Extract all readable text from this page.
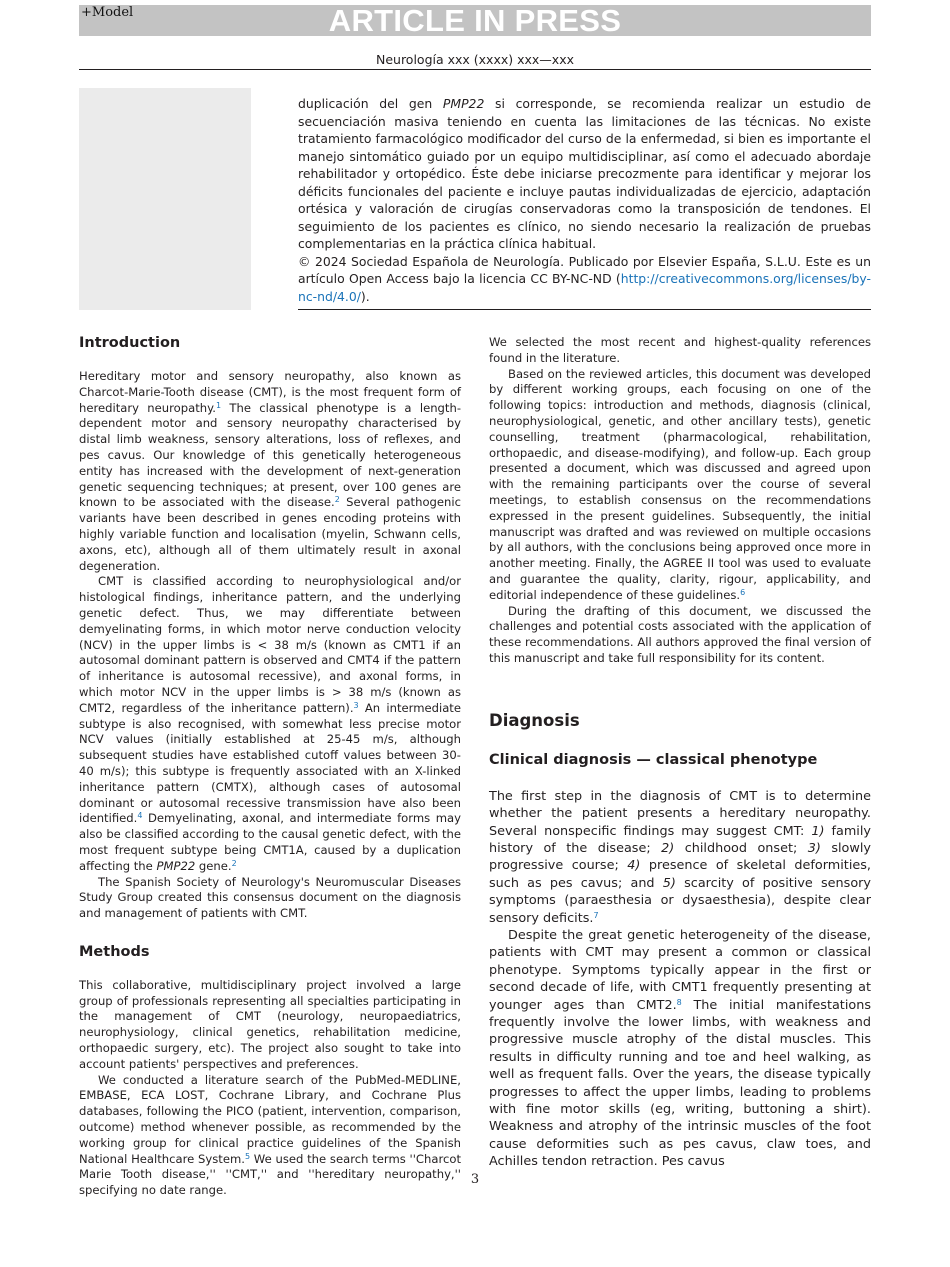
+Model	ARTICLE IN PRESS
Neurología xxx (xxxx) xxx—xxx
duplicación del gen PMP22 si corresponde, se recomienda realizar un estudio de secuenciación masiva teniendo en cuenta las limitaciones de las técnicas. No existe tratamiento farmacológico modificador del curso de la enfermedad, si bien es importante el manejo sintomático guiado por un equipo multidisciplinar, así como el adecuado abordaje rehabilitador y ortopédico. Éste debe iniciarse precozmente para identificar y mejorar los déficits funcionales del paciente e incluye pautas individualizadas de ejercicio, adaptación ortésica y valoración de cirugías conservadoras como la transposición de tendones. El seguimiento de los pacientes es clínico, no siendo necesario la realización de pruebas complementarias en la práctica clínica habitual.
© 2024 Sociedad Española de Neurología. Publicado por Elsevier España, S.L.U. Este es un artículo Open Access bajo la licencia CC BY-NC-ND (http://creativecommons.org/licenses/by-nc-nd/4.0/).
Introduction

Hereditary motor and sensory neuropathy, also known as Charcot-Marie-Tooth disease (CMT), is the most frequent form of hereditary neuropathy.$^1$ The classical phenotype is a length-dependent motor and sensory neuropathy characterised by distal limb weakness, sensory alterations, loss of reflexes, and pes cavus. Our knowledge of this genetically heterogeneous entity has increased with the development of next-generation genetic sequencing techniques; at present, over 100 genes are known to be associated with the disease.$^2$ Several pathogenic variants have been described in genes encoding proteins with highly variable function and localisation (myelin, Schwann cells, axons, etc), although all of them ultimately result in axonal degeneration.

CMT is classified according to neurophysiological and/or histological findings, inheritance pattern, and the underlying genetic defect. Thus, we may differentiate between demyelinating forms, in which motor nerve conduction velocity (NCV) in the upper limbs is < 38 m/s (known as CMT1 if an autosomal dominant pattern is observed and CMT4 if the pattern of inheritance is autosomal recessive), and axonal forms, in which motor NCV in the upper limbs is > 38 m/s (known as CMT2, regardless of the inheritance pattern).$^3$ An intermediate subtype is also recognised, with somewhat less precise motor NCV values (initially established at 25-45 m/s, although subsequent studies have established cutoff values between 30-40 m/s); this subtype is frequently associated with an X-linked inheritance pattern (CMTX), although cases of autosomal dominant or autosomal recessive transmission have also been identified.$^4$ Demyelinating, axonal, and intermediate forms may also be classified according to the causal genetic defect, with the most frequent subtype being CMT1A, caused by a duplication affecting the PMP22 gene.$^2$

The Spanish Society of Neurology's Neuromuscular Diseases Study Group created this consensus document on the diagnosis and management of patients with CMT.

Methods

This collaborative, multidisciplinary project involved a large group of professionals representing all specialties participating in the management of CMT (neurology, neuropaediatrics, neurophysiology, clinical genetics, rehabilitation medicine, orthopaedic surgery, etc). The project also sought to take into account patients' perspectives and preferences.

We conducted a literature search of the PubMed-MEDLINE, EMBASE, ECA LOST, Cochrane Library, and Cochrane Plus databases, following the PICO (patient, intervention, comparison, outcome) method whenever possible, as recommended by the working group for clinical practice guidelines of the Spanish National Healthcare System.$^5$ We used the search terms ''Charcot Marie Tooth disease,'' ''CMT,'' and ''hereditary neuropathy,'' specifying no date range.

We selected the most recent and highest-quality references found in the literature.

Based on the reviewed articles, this document was developed by different working groups, each focusing on one of the following topics: introduction and methods, diagnosis (clinical, neurophysiological, genetic, and other ancillary tests), genetic counselling, treatment (pharmacological, rehabilitation, orthopaedic, and disease-modifying), and follow-up. Each group presented a document, which was discussed and agreed upon with the remaining participants over the course of several meetings, to establish consensus on the recommendations expressed in the present guidelines. Subsequently, the initial manuscript was drafted and was reviewed on multiple occasions by all authors, with the conclusions being approved once more in another meeting. Finally, the AGREE II tool was used to evaluate and guarantee the quality, clarity, rigour, applicability, and editorial independence of these guidelines.$^6$

During the drafting of this document, we discussed the challenges and potential costs associated with the application of these recommendations. All authors approved the final version of this manuscript and take full responsibility for its content.

Diagnosis
Clinical diagnosis — classical phenotype

The first step in the diagnosis of CMT is to determine whether the patient presents a hereditary neuropathy. Several nonspecific findings may suggest CMT: 1) family history of the disease; 2) childhood onset; 3) slowly progressive course; 4) presence of skeletal deformities, such as pes cavus; and 5) scarcity of positive sensory symptoms (paraesthesia or dysaesthesia), despite clear sensory deficits.$^7$

Despite the great genetic heterogeneity of the disease, patients with CMT may present a common or classical phenotype. Symptoms typically appear in the first or second decade of life, with CMT1 frequently presenting at younger ages than CMT2.$^8$ The initial manifestations frequently involve the lower limbs, with weakness and progressive muscle atrophy of the distal muscles. This results in difficulty running and toe and heel walking, as well as frequent falls. Over the years, the disease typically progresses to affect the upper limbs, leading to problems with fine motor skills (eg, writing, buttoning a shirt). Weakness and atrophy of the intrinsic muscles of the foot cause deformities such as pes cavus, claw toes, and Achilles tendon retraction. Pes cavus

3
